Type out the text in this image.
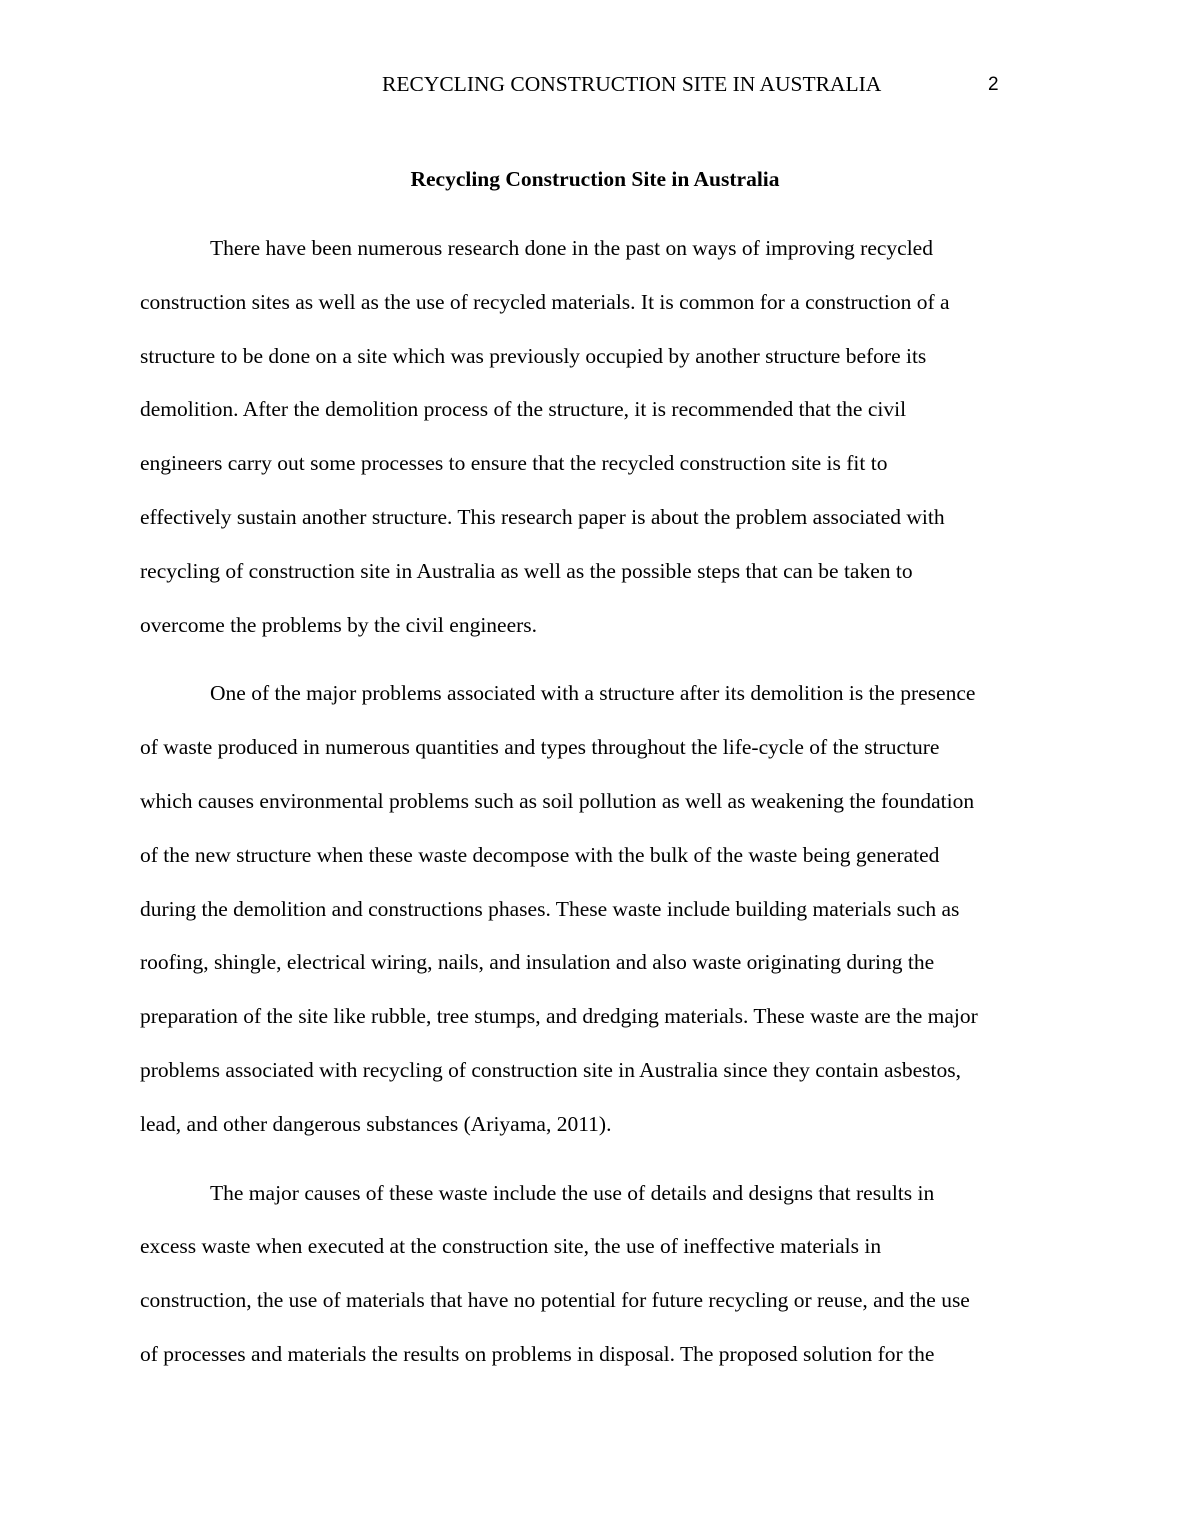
RECYCLING CONSTRUCTION SITE IN AUSTRALIA	2
Recycling Construction Site in Australia

There have been numerous research done in the past on ways of improving recycled
construction sites as well as the use of recycled materials. It is common for a construction of a
structure to be done on a site which was previously occupied by another structure before its
demolition. After the demolition process of the structure, it is recommended that the civil
engineers carry out some processes to ensure that the recycled construction site is fit to
effectively sustain another structure. This research paper is about the problem associated with
recycling of construction site in Australia as well as the possible steps that can be taken to
overcome the problems by the civil engineers.

One of the major problems associated with a structure after its demolition is the presence
of waste produced in numerous quantities and types throughout the life-cycle of the structure
which causes environmental problems such as soil pollution as well as weakening the foundation
of the new structure when these waste decompose with the bulk of the waste being generated
during the demolition and constructions phases. These waste include building materials such as
roofing, shingle, electrical wiring, nails, and insulation and also waste originating during the
preparation of the site like rubble, tree stumps, and dredging materials. These waste are the major
problems associated with recycling of construction site in Australia since they contain asbestos,
lead, and other dangerous substances (Ariyama, 2011).

The major causes of these waste include the use of details and designs that results in
excess waste when executed at the construction site, the use of ineffective materials in
construction, the use of materials that have no potential for future recycling or reuse, and the use
of processes and materials the results on problems in disposal. The proposed solution for the
